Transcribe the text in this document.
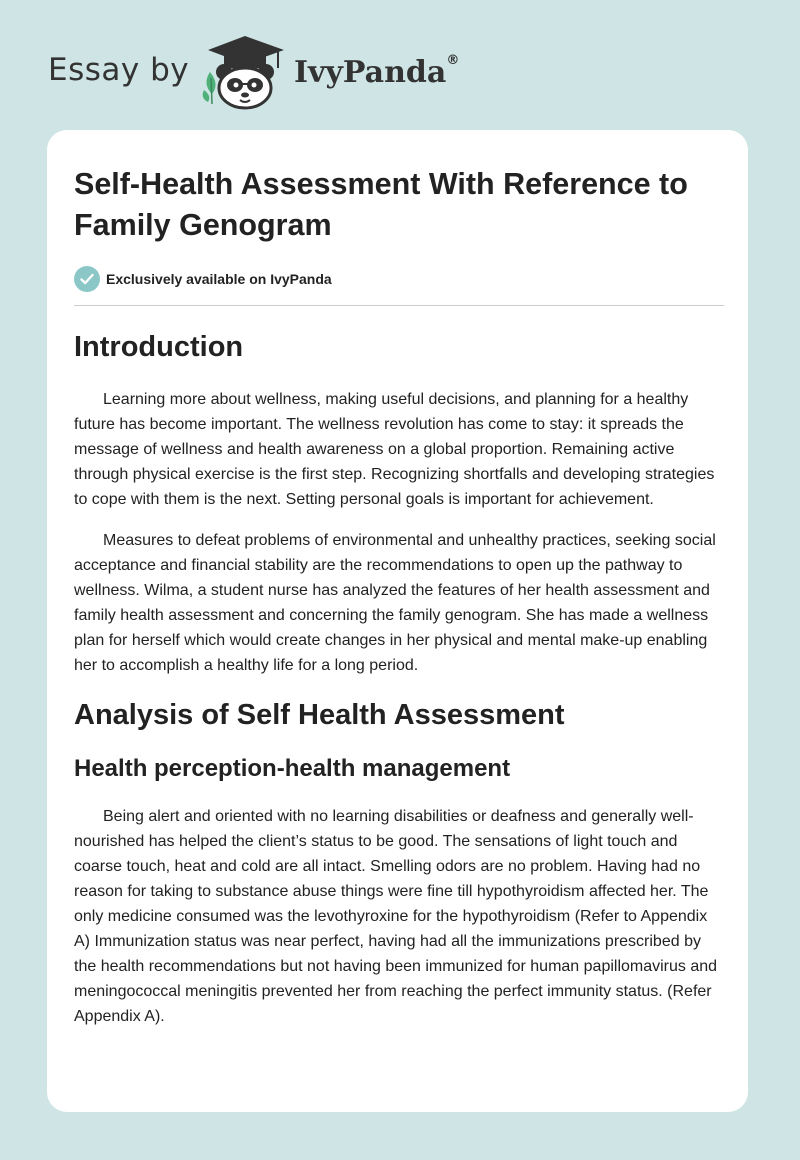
Essay by	IvyPanda®
Self-Health Assessment With Reference to Family Genogram
Exclusively available on IvyPanda
Introduction

Learning more about wellness, making useful decisions, and planning for a healthy future has become important. The wellness revolution has come to stay: it spreads the message of wellness and health awareness on a global proportion. Remaining active through physical exercise is the first step. Recognizing shortfalls and developing strategies to cope with them is the next. Setting personal goals is important for achievement.

Measures to defeat problems of environmental and unhealthy practices, seeking social acceptance and financial stability are the recommendations to open up the pathway to wellness. Wilma, a student nurse has analyzed the features of her health assessment and family health assessment and concerning the family genogram. She has made a wellness plan for herself which would create changes in her physical and mental make-up enabling her to accomplish a healthy life for a long period.

Analysis of Self Health Assessment
Health perception-health management

Being alert and oriented with no learning disabilities or deafness and generally well-nourished has helped the client’s status to be good. The sensations of light touch and coarse touch, heat and cold are all intact. Smelling odors are no problem. Having had no reason for taking to substance abuse things were fine till hypothyroidism affected her. The only medicine consumed was the levothyroxine for the hypothyroidism (Refer to Appendix A) Immunization status was near perfect, having had all the immunizations prescribed by the health recommendations but not having been immunized for human papillomavirus and meningococcal meningitis prevented her from reaching the perfect immunity status. (Refer Appendix A).
